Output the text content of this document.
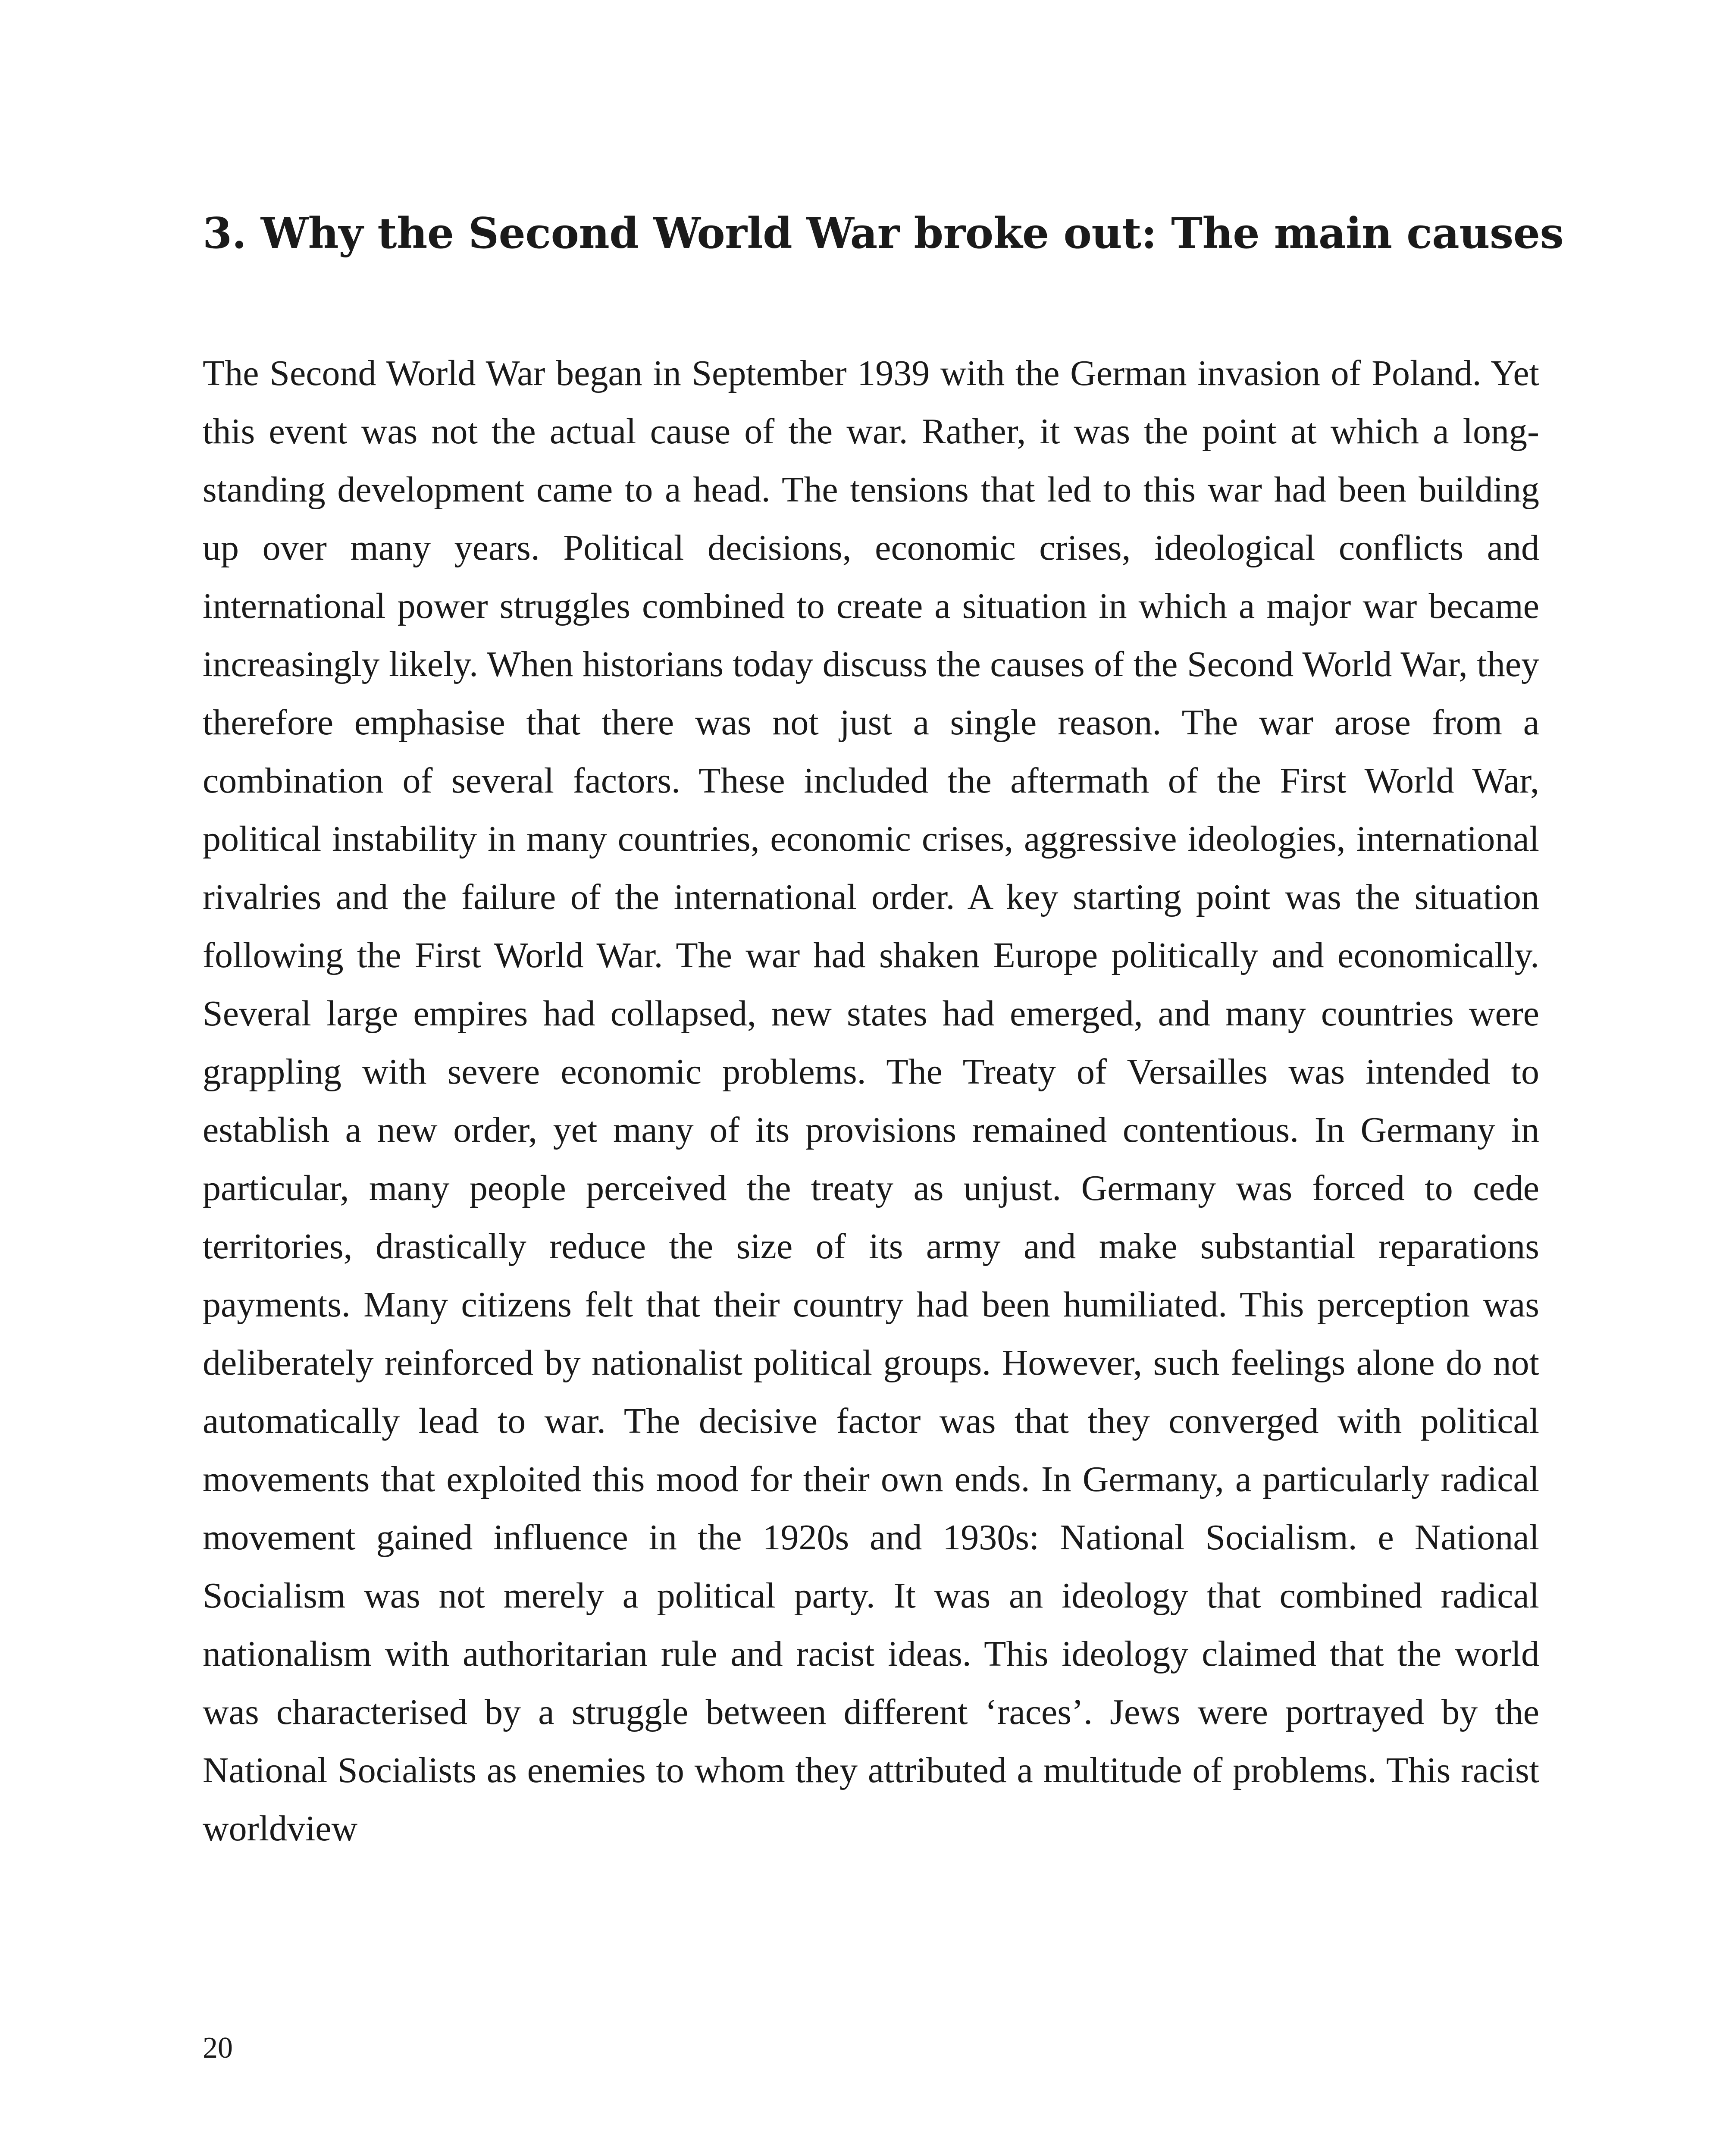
3. Why the Second World War broke out: The main causes

The Second World War began in September 1939 with the German invasion of Poland. Yet this event was not the actual cause of the war. Rather, it was the point at which a long-standing development came to a head. The tensions that led to this war had been building up over many years. Political decisions, economic crises, ideological conflicts and international power struggles combined to create a situation in which a major war became increasingly likely. When historians today discuss the causes of the Second World War, they therefore emphasise that there was not just a single reason. The war arose from a combination of several factors. These included the aftermath of the First World War, political instability in many countries, economic crises, aggressive ideologies, international rivalries and the failure of the international order. A key starting point was the situation following the First World War. The war had shaken Europe politically and economically. Several large empires had collapsed, new states had emerged, and many countries were grappling with severe economic problems. The Treaty of Versailles was intended to establish a new order, yet many of its provisions remained contentious. In Germany in particular, many people perceived the treaty as unjust. Germany was forced to cede territories, drastically reduce the size of its army and make substantial reparations payments. Many citizens felt that their country had been humiliated. This perception was deliberately reinforced by nationalist political groups. However, such feelings alone do not automatically lead to war. The decisive factor was that they converged with political movements that exploited this mood for their own ends. In Germany, a particularly radical movement gained influence in the 1920s and 1930s: National Socialism. e National Socialism was not merely a political party. It was an ideology that combined radical nationalism with authoritarian rule and racist ideas. This ideology claimed that the world was characterised by a struggle between different ‘races’. Jews were portrayed by the National Socialists as enemies to whom they attributed a multitude of problems. This racist worldview

20
